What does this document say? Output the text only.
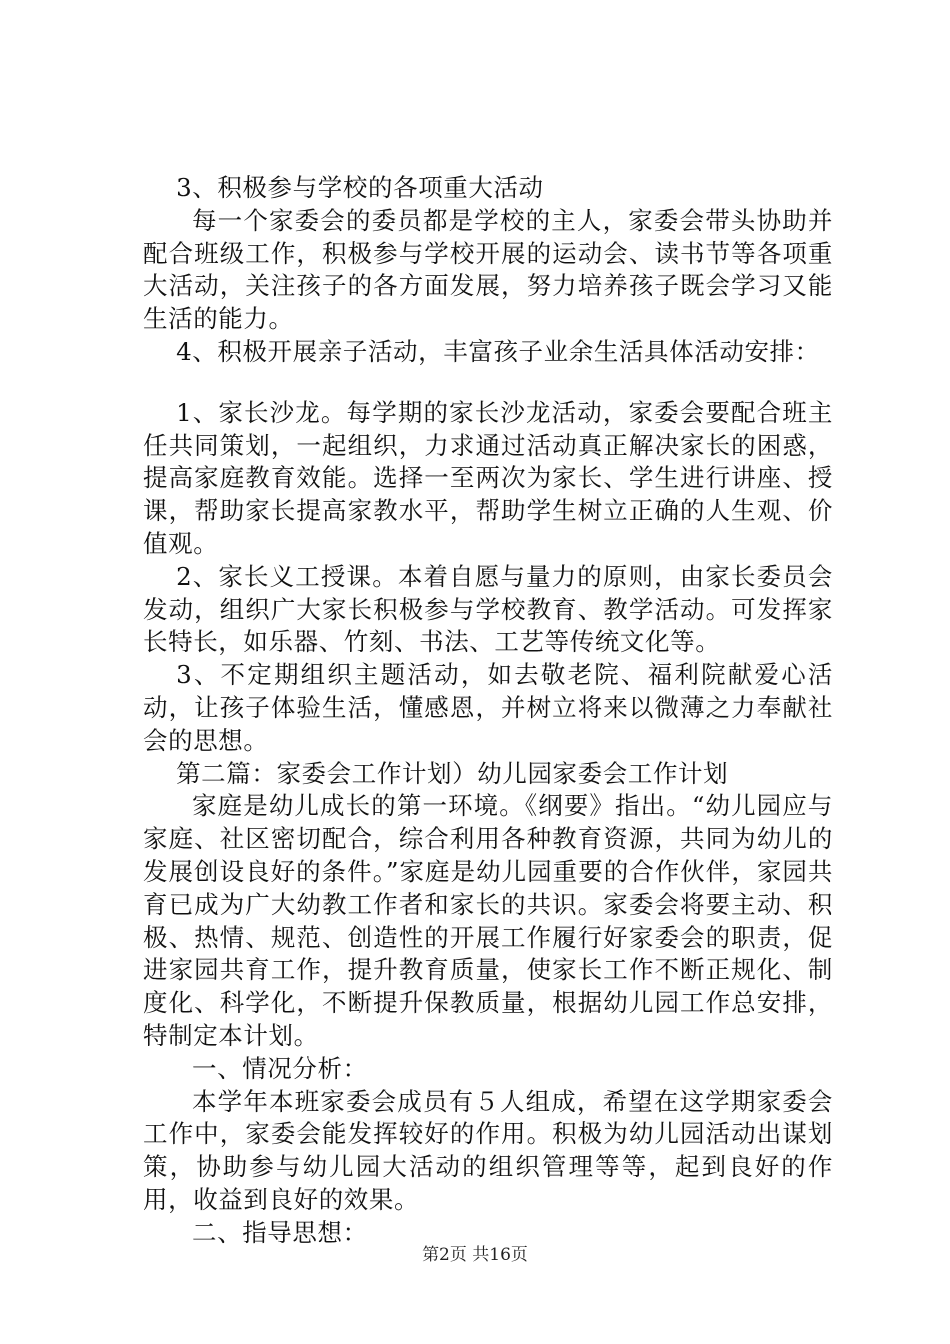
3、积极参与学校的各项重大活动

每一个家委会的委员都是学校的主人，家委会带头协助并配合班级工作，积极参与学校开展的运动会、读书节等各项重大活动，关注孩子的各方面发展，努力培养孩子既会学习又能生活的能力。

4、积极开展亲子活动，丰富孩子业余生活具体活动安排：

1、家长沙龙。每学期的家长沙龙活动，家委会要配合班主任共同策划，一起组织，力求通过活动真正解决家长的困惑，提高家庭教育效能。选择一至两次为家长、学生进行讲座、授课，帮助家长提高家教水平，帮助学生树立正确的人生观、价值观。

2、家长义工授课。本着自愿与量力的原则，由家长委员会发动，组织广大家长积极参与学校教育、教学活动。可发挥家长特长，如乐器、竹刻、书法、工艺等传统文化等。

3、不定期组织主题活动，如去敬老院、福利院献爱心活动，让孩子体验生活，懂感恩，并树立将来以微薄之力奉献社会的思想。

第二篇：家委会工作计划）幼儿园家委会工作计划

家庭是幼儿成长的第一环境。《纲要》指出。“幼儿园应与家庭、社区密切配合，综合利用各种教育资源，共同为幼儿的发展创设良好的条件。”家庭是幼儿园重要的合作伙伴，家园共育已成为广大幼教工作者和家长的共识。家委会将要主动、积极、热情、规范、创造性的开展工作履行好家委会的职责，促进家园共育工作，提升教育质量，使家长工作不断正规化、制度化、科学化，不断提升保教质量，根据幼儿园工作总安排，特制定本计划。

一、情况分析：

本学年本班家委会成员有５人组成，希望在这学期家委会工作中，家委会能发挥较好的作用。积极为幼儿园活动出谋划策，协助参与幼儿园大活动的组织管理等等，起到良好的作用，收益到良好的效果。

二、指导思想：

第2页 共16页
